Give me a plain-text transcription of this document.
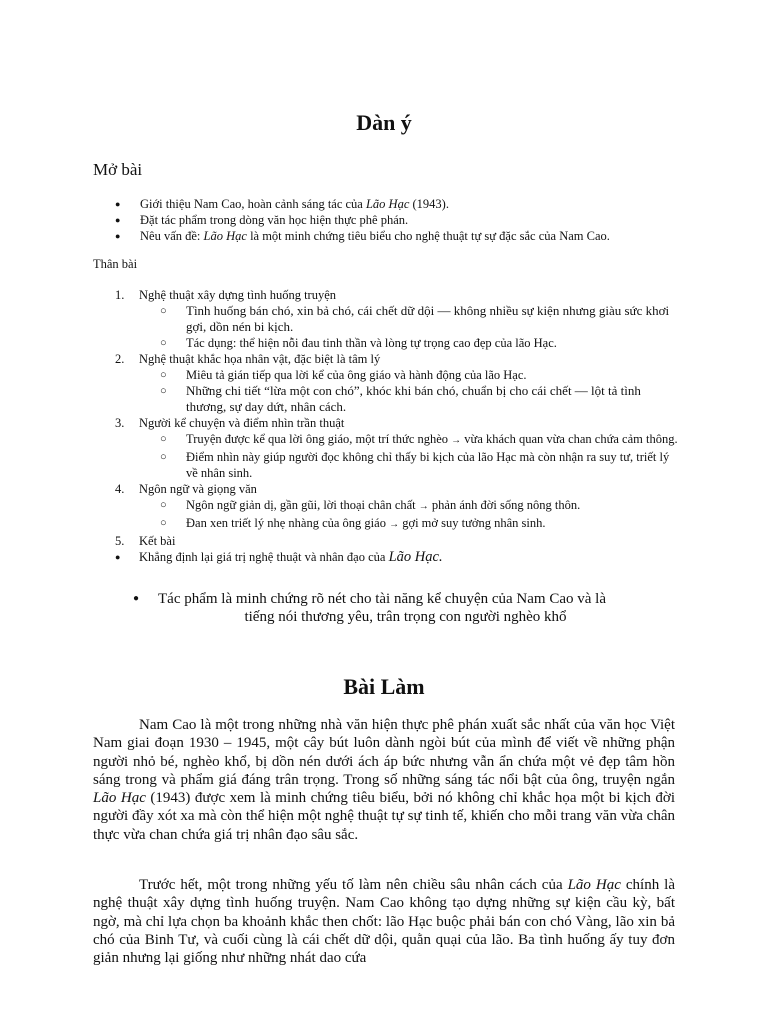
Dàn ý
Mở bài
● Giới thiệu Nam Cao, hoàn cảnh sáng tác của Lão Hạc (1943).
● Đặt tác phẩm trong dòng văn học hiện thực phê phán.
● Nêu vấn đề: Lão Hạc là một minh chứng tiêu biểu cho nghệ thuật tự sự đặc sắc của Nam Cao.
Thân bài
1. Nghệ thuật xây dựng tình huống truyện
○ Tình huống bán chó, xin bả chó, cái chết dữ dội — không nhiều sự kiện nhưng giàu sức khơi gợi, dồn nén bi kịch.
○ Tác dụng: thể hiện nỗi đau tinh thần và lòng tự trọng cao đẹp của lão Hạc.
2. Nghệ thuật khắc họa nhân vật, đặc biệt là tâm lý
○ Miêu tả gián tiếp qua lời kể của ông giáo và hành động của lão Hạc.
○ Những chi tiết “lừa một con chó”, khóc khi bán chó, chuẩn bị cho cái chết — lột tả tình thương, sự day dứt, nhân cách.
3. Người kể chuyện và điểm nhìn trần thuật
○ Truyện được kể qua lời ông giáo, một trí thức nghèo → vừa khách quan vừa chan chứa cảm thông.
○ Điểm nhìn này giúp người đọc không chỉ thấy bi kịch của lão Hạc mà còn nhận ra suy tư, triết lý về nhân sinh.
4. Ngôn ngữ và giọng văn
○ Ngôn ngữ giản dị, gần gũi, lời thoại chân chất → phản ánh đời sống nông thôn.
○ Đan xen triết lý nhẹ nhàng của ông giáo → gợi mở suy tưởng nhân sinh.
5. Kết bài
● Khẳng định lại giá trị nghệ thuật và nhân đạo của Lão Hạc.
●	Tác phẩm là minh chứng rõ nét cho tài năng kể chuyện của Nam Cao và là
tiếng nói thương yêu, trân trọng con người nghèo khổ
Bài Làm

Nam Cao là một trong những nhà văn hiện thực phê phán xuất sắc nhất của văn học Việt Nam giai đoạn 1930 – 1945, một cây bút luôn dành ngòi bút của mình để viết về những phận người nhỏ bé, nghèo khổ, bị dồn nén dưới ách áp bức nhưng vẫn ẩn chứa một vẻ đẹp tâm hồn sáng trong và phẩm giá đáng trân trọng. Trong số những sáng tác nổi bật của ông, truyện ngắn Lão Hạc (1943) được xem là minh chứng tiêu biểu, bởi nó không chỉ khắc họa một bi kịch đời người đầy xót xa mà còn thể hiện một nghệ thuật tự sự tinh tế, khiến cho mỗi trang văn vừa chân thực vừa chan chứa giá trị nhân đạo sâu sắc.

Trước hết, một trong những yếu tố làm nên chiều sâu nhân cách của Lão Hạc chính là nghệ thuật xây dựng tình huống truyện. Nam Cao không tạo dựng những sự kiện cầu kỳ, bất ngờ, mà chỉ lựa chọn ba khoảnh khắc then chốt: lão Hạc buộc phải bán con chó Vàng, lão xin bả chó của Binh Tư, và cuối cùng là cái chết dữ dội, quằn quại của lão. Ba tình huống ấy tuy đơn giản nhưng lại giống như những nhát dao cứa
